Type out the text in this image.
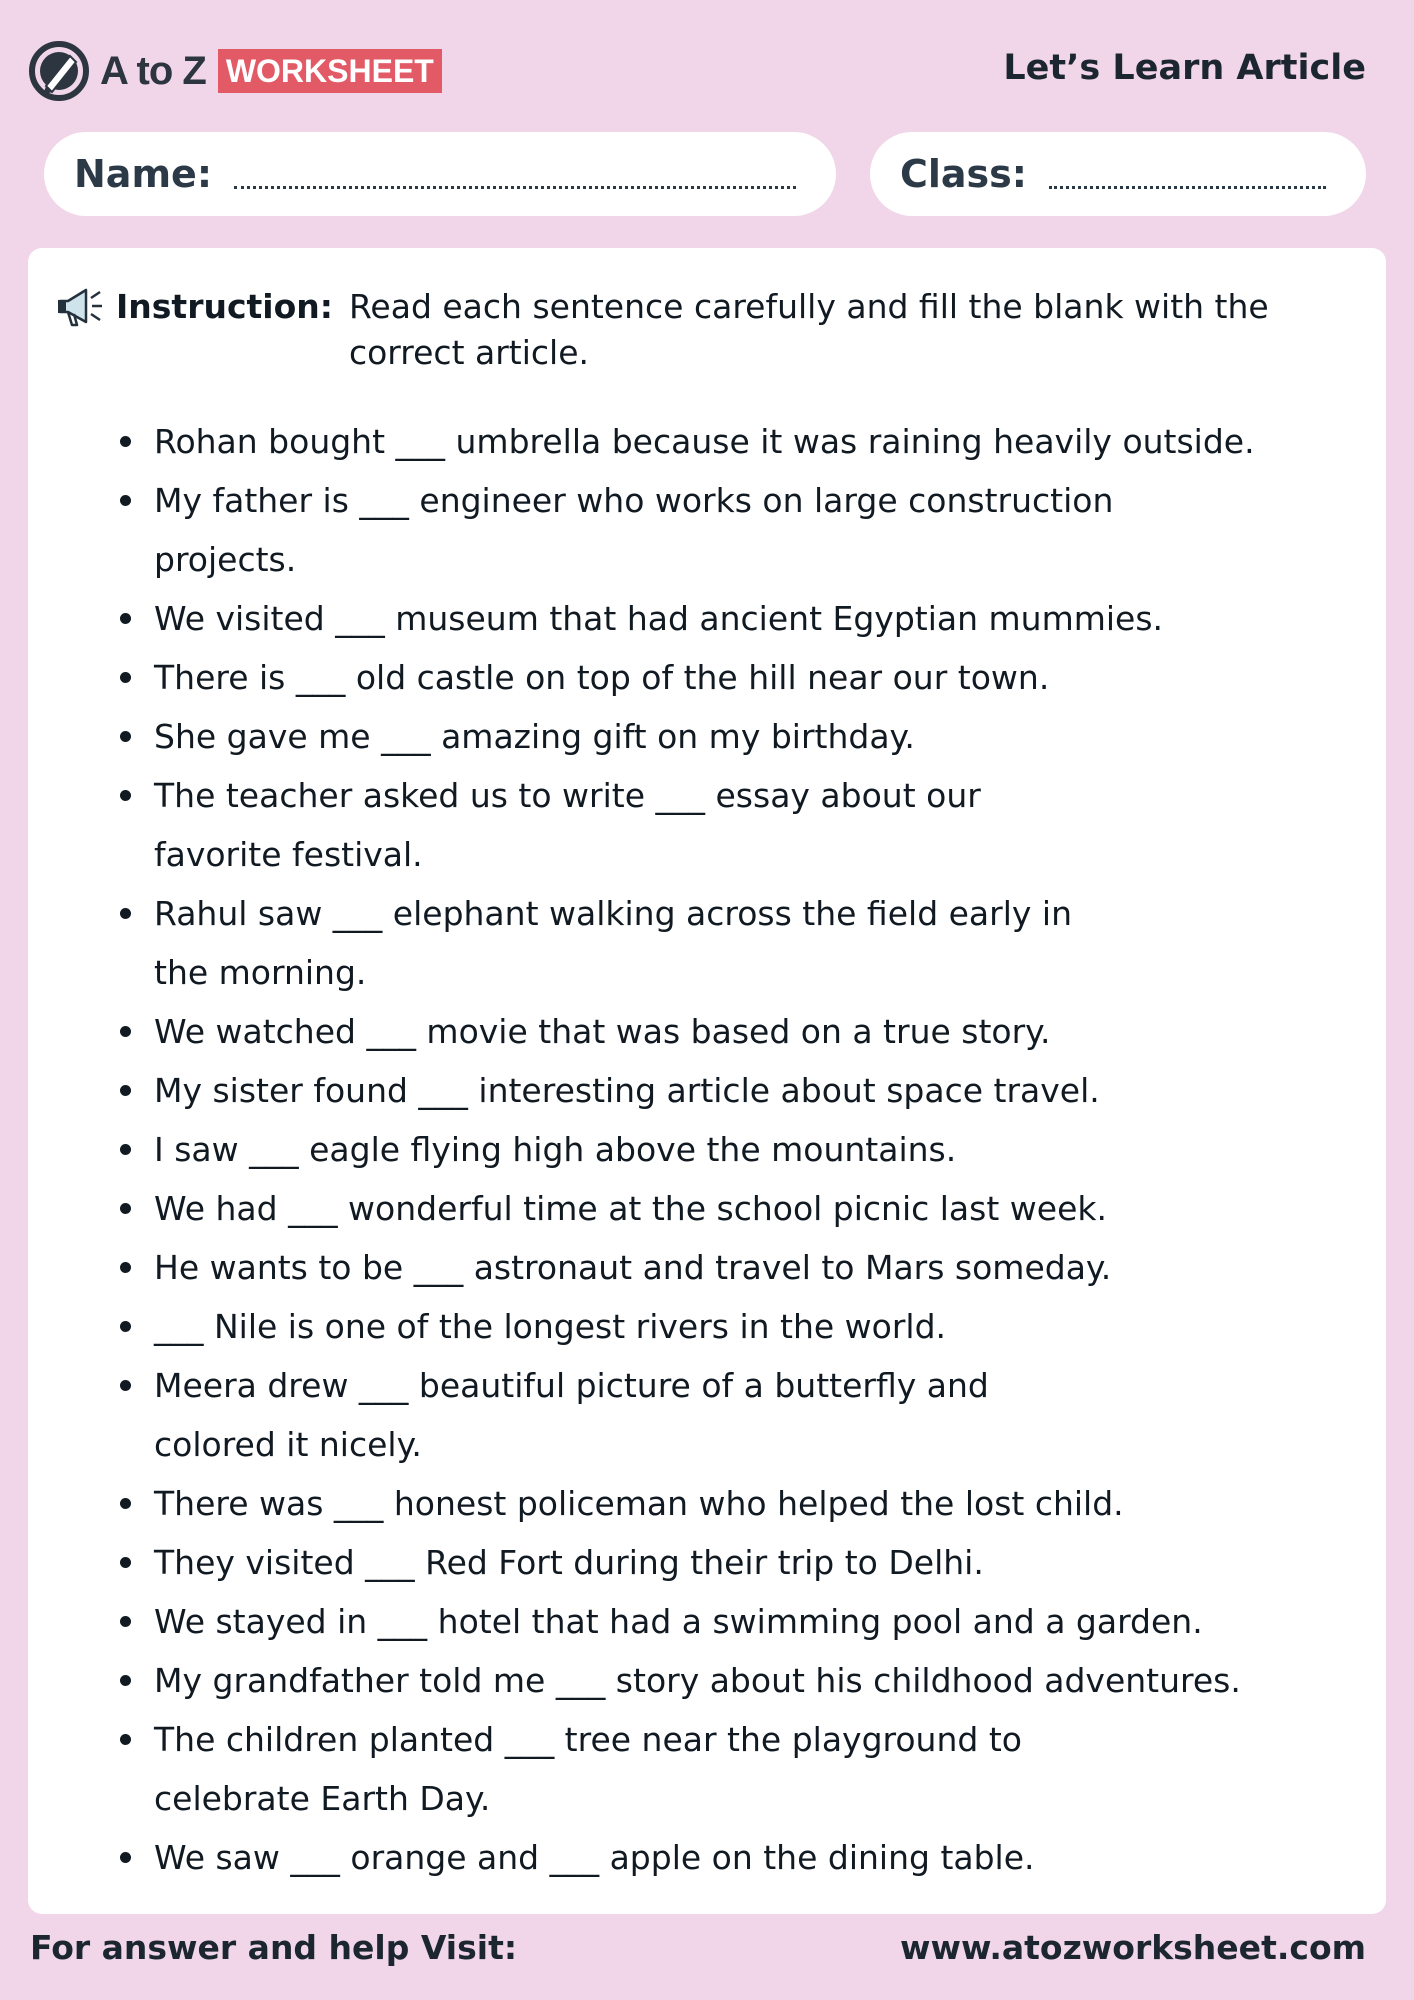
A to Z WORKSHEET	Let’s Learn Article
Name:	Class:
Instruction: Read each sentence carefully and fill the blank with the correct article.
Rohan bought ___ umbrella because it was raining heavily outside.
My father is ___ engineer who works on large construction projects.
We visited ___ museum that had ancient Egyptian mummies.
There is ___ old castle on top of the hill near our town.
She gave me ___ amazing gift on my birthday.
The teacher asked us to write ___ essay about our favorite festival.
Rahul saw ___ elephant walking across the field early in the morning.
We watched ___ movie that was based on a true story.
My sister found ___ interesting article about space travel.
I saw ___ eagle flying high above the mountains.
We had ___ wonderful time at the school picnic last week.
He wants to be ___ astronaut and travel to Mars someday.
___ Nile is one of the longest rivers in the world.
Meera drew ___ beautiful picture of a butterfly and colored it nicely.
There was ___ honest policeman who helped the lost child.
They visited ___ Red Fort during their trip to Delhi.
We stayed in ___ hotel that had a swimming pool and a garden.
My grandfather told me ___ story about his childhood adventures.
The children planted ___ tree near the playground to celebrate Earth Day.
We saw ___ orange and ___ apple on the dining table.
For answer and help Visit:	www.atozworksheet.com
